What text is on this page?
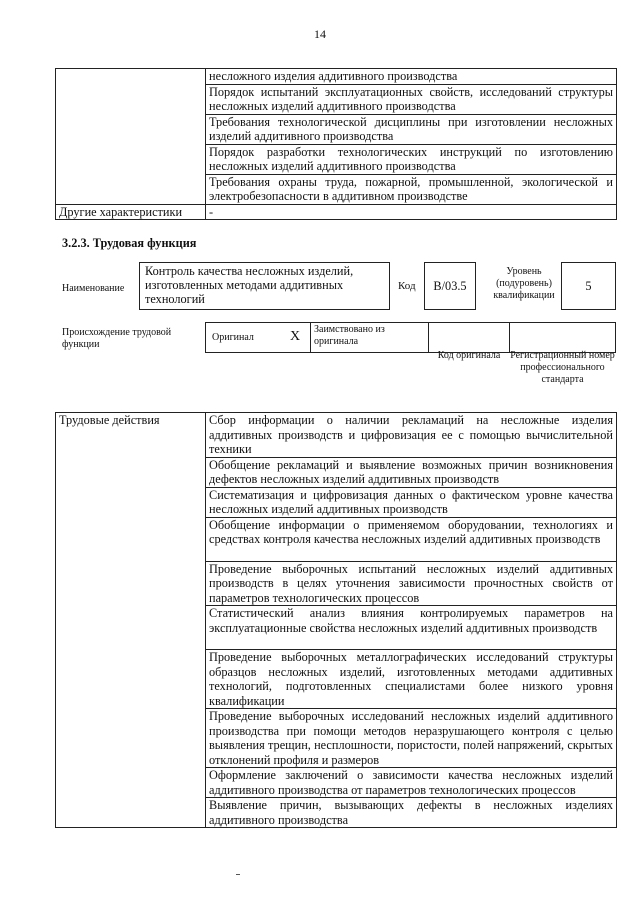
14
	несложного изделия аддитивного производства
	Порядок испытаний эксплуатационных свойств, исследований структуры несложных изделий аддитивного производства
	Требования технологической дисциплины при изготовлении несложных изделий аддитивного производства
	Порядок разработки технологических инструкций по изготовлению несложных изделий аддитивного производства
	Требования охраны труда, пожарной, промышленной, экологической и электробезопасности в аддитивном производстве
Другие характеристики	-
3.2.3. Трудовая функция
Наименование
Контроль качества несложных изделий, изготовленных методами аддитивных технологий
Код	B/03.5
Уровень (подуровень) квалификации
5
Происхождение трудовой функции
Оригинал	X	Заимствовано из оригинала
Код оригинала Регистрационный номер профессионального стандарта
Трудовые действия	Сбор информации о наличии рекламаций на несложные изделия аддитивных производств и цифровизация ее с помощью вычислительной техники
Обобщение рекламаций и выявление возможных причин возникновения дефектов несложных изделий аддитивных производств
Систематизация и цифровизация данных о фактическом уровне качества несложных изделий аддитивных производств
Обобщение информации о применяемом оборудовании, технологиях и средствах контроля качества несложных изделий аддитивных производств
Проведение выборочных испытаний несложных изделий аддитивных производств в целях уточнения зависимости прочностных свойств от параметров технологических процессов
Статистический анализ влияния контролируемых параметров на эксплуатационные свойства несложных изделий аддитивных производств
Проведение выборочных металлографических исследований структуры образцов несложных изделий, изготовленных методами аддитивных технологий, подготовленных специалистами более низкого уровня квалификации
Проведение выборочных исследований несложных изделий аддитивного производства при помощи методов неразрушающего контроля с целью выявления трещин, несплошности, пористости, полей напряжений, скрытых отклонений профиля и размеров
Оформление заключений о зависимости качества несложных изделий аддитивного производства от параметров технологических процессов
Выявление причин, вызывающих дефекты в несложных изделиях аддитивного производства
